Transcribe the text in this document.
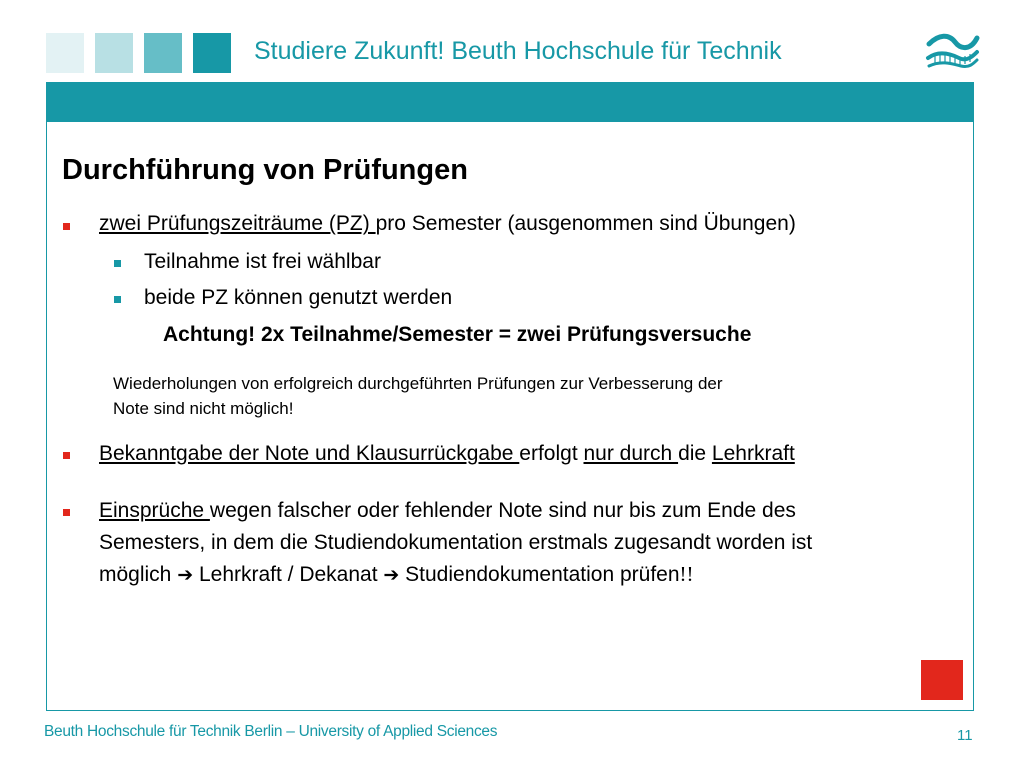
Studiere Zukunft! Beuth Hochschule für Technik
Durchführung von Prüfungen
zwei Prüfungszeiträume (PZ) pro Semester (ausgenommen sind Übungen)
Teilnahme ist frei wählbar
beide PZ können genutzt werden
Achtung! 2x Teilnahme/Semester = zwei Prüfungsversuche
Wiederholungen von erfolgreich durchgeführten Prüfungen zur Verbesserung der
Note sind nicht möglich!
Bekanntgabe der Note und Klausurrückgabe erfolgt nur durch die Lehrkraft
Einsprüche wegen falscher oder fehlender Note sind nur bis zum Ende des
Semesters, in dem die Studiendokumentation erstmals zugesandt worden ist
möglich ➔ Lehrkraft / Dekanat ➔ Studiendokumentation prüfen!!
Beuth Hochschule für Technik Berlin – University of Applied Sciences	11
